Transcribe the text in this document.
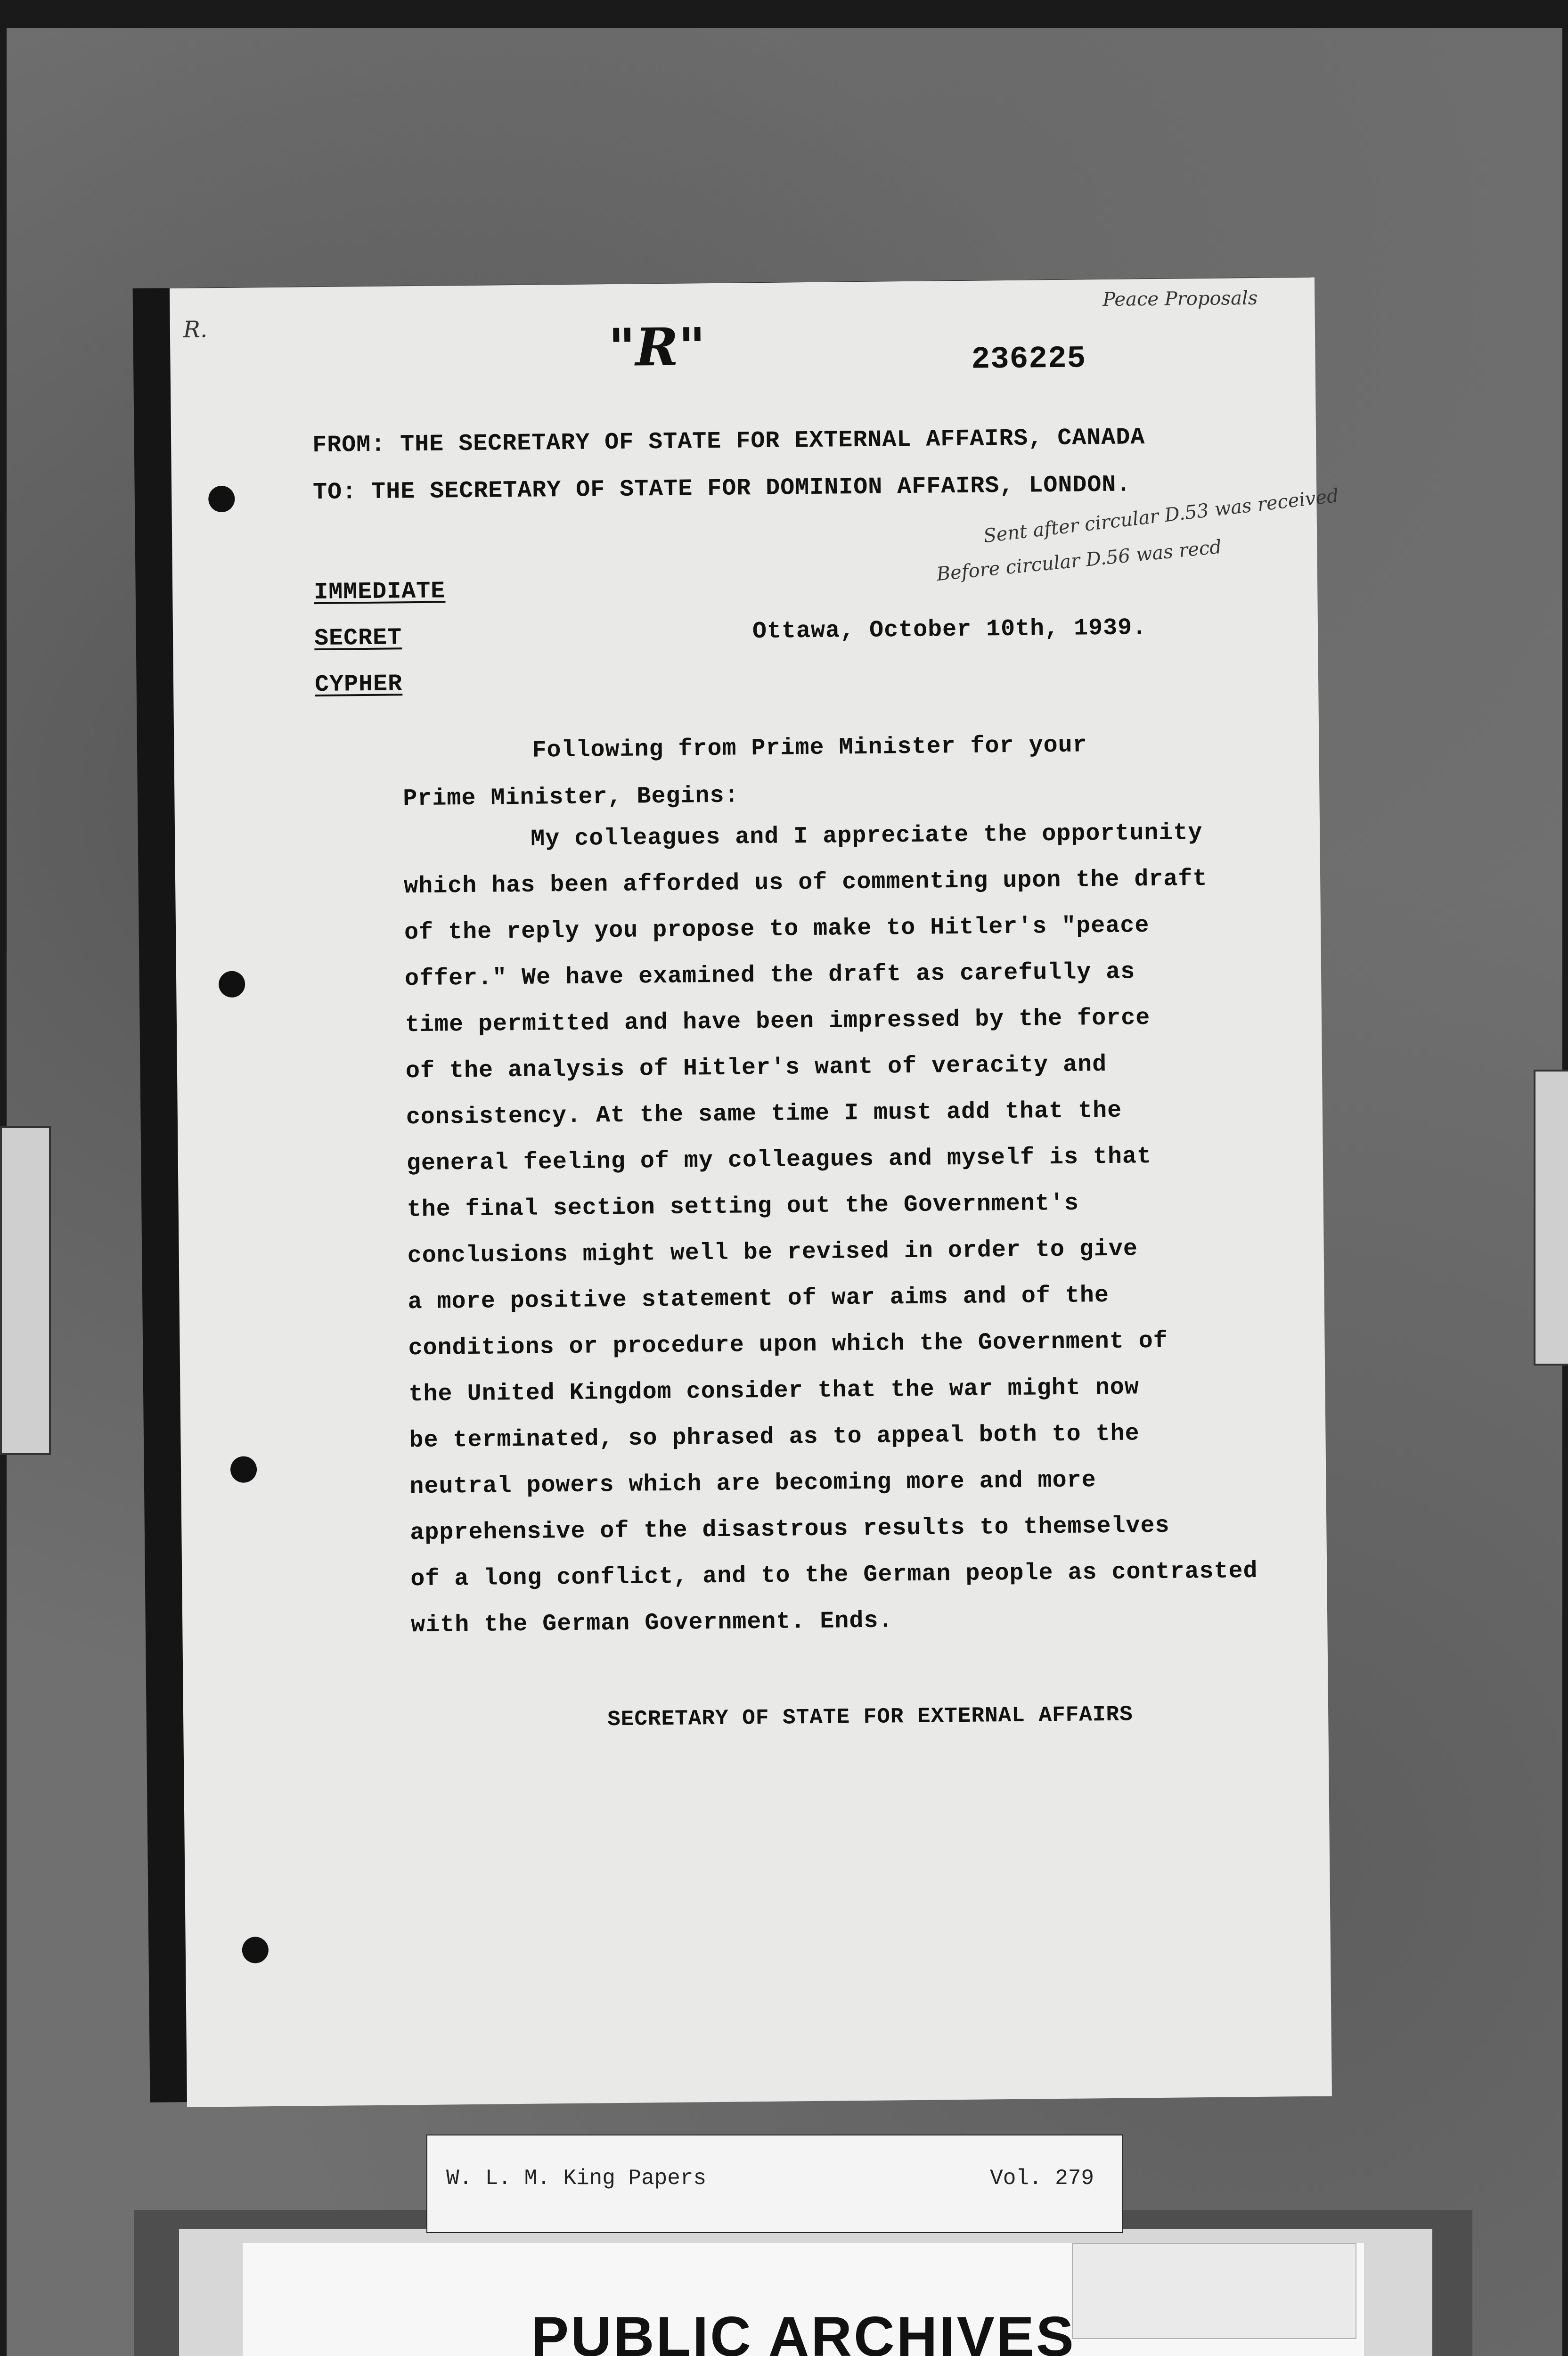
R.	"R"
Peace Proposals
236225
FROM: THE SECRETARY OF STATE FOR EXTERNAL AFFAIRS, CANADA
TO: THE SECRETARY OF STATE FOR DOMINION AFFAIRS, LONDON.
Sent after circular D.53 was received
Before circular D.56 was recd
IMMEDIATE
SECRET
CYPHER
Ottawa, October 10th, 1939.
Following from Prime Minister for your
Prime Minister, Begins:
My colleagues and I appreciate the opportunity
which has been afforded us of commenting upon the draft
of the reply you propose to make to Hitler's "peace
offer." We have examined the draft as carefully as
time permitted and have been impressed by the force
of the analysis of Hitler's want of veracity and
consistency. At the same time I must add that the
general feeling of my colleagues and myself is that
the final section setting out the Government's
conclusions might well be revised in order to give
a more positive statement of war aims and of the
conditions or procedure upon which the Government of
the United Kingdom consider that the war might now
be terminated, so phrased as to appeal both to the
neutral powers which are becoming more and more
apprehensive of the disastrous results to themselves
of a long conflict, and to the German people as contrasted
with the German Government. Ends.
SECRETARY OF STATE FOR EXTERNAL AFFAIRS
PUBLIC ARCHIVES
W. L. M. King Papers	Vol. 279
